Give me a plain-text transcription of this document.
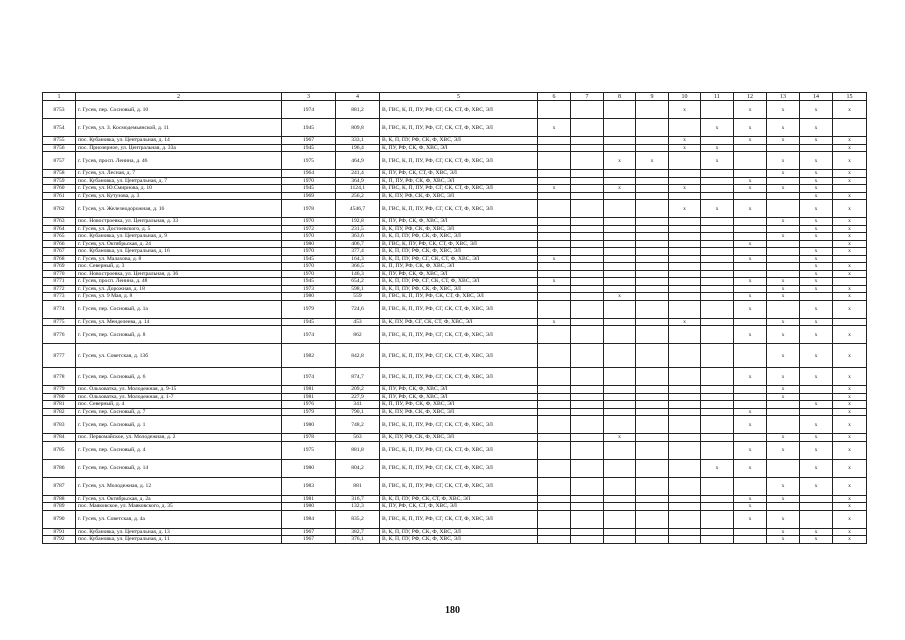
1	2	3	4	5	6	7	8	9	10	11	12	13	14	15
8753	г. Гусев, пер. Сосновый, д. 10	1974	881,2	В, ГВС, К, П, ПУ, РФ, СГ, СК, СТ, Ф, ХВС, ЭЛ					x		x	x	x	x
8754	г. Гусев, ул. З. Космодемьянской, д. 11	1945	809,8	В, ГВС, К, П, ПУ, РФ, СГ, СК, СТ, Ф, ХВС, ЭЛ	x					x	x	x	x	
8755	пос. Кубановка, ул. Центральная, д. 14	1967	333,1	В, К, П, ПУ, РФ, СК, Ф, ХВС, ЭЛ					x		x	x	x	x
8756	пос. Приозерное, ул. Центральная, д. 33а	1945	196,4	К, ПУ, РФ, СК, Ф, ХВС, ЭЛ					x	x				x
8757	г. Гусев, просп. Ленина, д. 46	1975	464,9	В, ГВС, К, П, ПУ, РФ, СГ, СК, СТ, Ф, ХВС, ЭЛ			x	x		x		x	x	x
8758	г. Гусев, ул. Лесная, д. 7	1964	241,4	К, ПУ, РФ, СК, СТ, Ф, ХВС, ЭЛ								x	x	x
8759	пос. Кубановка, ул. Центральная, д. 7	1970	364,9	К, П, ПУ, РФ, СК, Ф, ХВС, ЭЛ							x		x	x
8760	г. Гусев, ул. Ю.Смирнова, д. 10	1945	1124,1	В, ГВС, К, П, ПУ, РФ, СГ, СК, СТ, Ф, ХВС, ЭЛ	x		x		x		x	x	x	
8761	г. Гусев, ул. Кутузова, д. 3	1969	256,2	В, К, ПУ, РФ, СК, Ф, ХВС, ЭЛ									x	x
8762	г. Гусев, ул. Железнодорожная, д. 16	1978	4546,7	В, ГВС, К, П, ПУ, РФ, СГ, СК, СТ, Ф, ХВС, ЭЛ					x	x	x		x	x
8763	пос. Новостроевка, ул. Центральная, д. 33	1970	192,8	К, ПУ, РФ, СК, Ф, ХВС, ЭЛ								x	x	x
8764	г. Гусев, ул. Достоевского, д. 5	1972	231,5	В, К, ПУ, РФ, СК, Ф, ХВС, ЭЛ									x	x
8765	пос. Кубановка, ул. Центральная, д. 9	1970	363,6	В, К, П, ПУ, РФ, СК, Ф, ХВС, ЭЛ								x	x	x
8766	г. Гусев, ул. Октябрьская, д. 24	1980	406,7	В, ГВС, К, ПУ, РФ, СК, СТ, Ф, ХВС, ЭЛ							x			x
8767	пос. Кубановка, ул. Центральная, д. 16	1970	377,4	В, К, П, ПУ, РФ, СК, Ф, ХВС, ЭЛ									x	x
8768	г. Гусев, ул. Малахова, д. 8	1945	164,3	В, К, П, ПУ, РФ, СГ, СК, СТ, Ф, ХВС, ЭЛ	x						x		x	
8769	пос. Северный, д. 3	1970	366,5	К, П, ПУ, РФ, СК, Ф, ХВС, ЭЛ									x	x
8770	пос. Новостроевка, ул. Центральная, д. 36	1970	146,3	К, ПУ, РФ, СК, Ф, ХВС, ЭЛ									x	x
8771	г. Гусев, просп. Ленина, д. 48	1945	654,2	В, К, П, ПУ, РФ, СГ, СК, СТ, Ф, ХВС, ЭЛ	x						x	x	x	
8772	г. Гусев, ул. Дорожная, д. 18	1973	598,1	В, К, П, ПУ, РФ, СК, Ф, ХВС, ЭЛ								x	x	x
8773	г. Гусев, ул. 9 Мая, д. 8	1980	559	В, ГВС, К, П, ПУ, РФ, СК, СТ, Ф, ХВС, ЭЛ			x				x	x		x
8774	г. Гусев, пер. Сосновый, д. 1а	1979	724,6	В, ГВС, К, П, ПУ, РФ, СГ, СК, СТ, Ф, ХВС, ЭЛ							x		x	x
8775	г. Гусев, ул. Менделеева, д. 14	1945	453	В, К, ПУ, РФ, СГ, СК, СТ, Ф, ХВС, ЭЛ	x				x			x	x	
8776	г. Гусев, пер. Сосновый, д. 8	1974	862	В, ГВС, К, П, ПУ, РФ, СГ, СК, СТ, Ф, ХВС, ЭЛ							x	x	x	x
8777	г. Гусев, ул. Советская, д. 13б	1982	842,8	В, ГВС, К, П, ПУ, РФ, СГ, СК, СТ, Ф, ХВС, ЭЛ								x	x	x
8778	г. Гусев, пер. Сосновый, д. 6	1974	874,7	В, ГВС, К, П, ПУ, РФ, СГ, СК, СТ, Ф, ХВС, ЭЛ							x	x	x	x
8779	пос. Ольховатка, ул. Молодежная, д. 9-15	1981	209,2	К, ПУ, РФ, СК, Ф, ХВС, ЭЛ								x		x
8780	пос. Ольховатка, ул. Молодежная, д. 1-7	1981	227,9	К, ПУ, РФ, СК, Ф, ХВС, ЭЛ								x		x
8781	пос. Северный, д. 4	1976	341	К, П, ПУ, РФ, СК, Ф, ХВС, ЭЛ									x	x
8782	г. Гусев, пер. Сосновый, д. 7	1979	790,1	В, К, ПУ, РФ, СК, Ф, ХВС, ЭЛ							x			x
8783	г. Гусев, пер. Сосновый, д. 1	1980	748,2	В, ГВС, К, П, ПУ, РФ, СГ, СК, СТ, Ф, ХВС, ЭЛ							x		x	x
8784	пос. Первомайское, ул. Молодежная, д. 2	1978	563	В, К, ПУ, РФ, СК, Ф, ХВС, ЭЛ			x					x	x	x
8785	г. Гусев, пер. Сосновый, д. 4	1975	881,8	В, ГВС, К, П, ПУ, РФ, СГ, СК, СТ, Ф, ХВС, ЭЛ							x	x	x	x
8786	г. Гусев, пер. Сосновый, д. 14	1980	804,2	В, ГВС, К, П, ПУ, РФ, СГ, СК, СТ, Ф, ХВС, ЭЛ						x	x		x	x
8787	г. Гусев, ул. Молодежная, д. 12	1983	881	В, ГВС, К, П, ПУ, РФ, СГ, СК, СТ, Ф, ХВС, ЭЛ								x	x	x
8788	г. Гусев, ул. Октябрьская, д. 2а	1981	316,7	В, К, П, ПУ, РФ, СК, СТ, Ф, ХВС, ЭЛ							x	x		x
8789	пос. Маяковское, ул. Маяковского, д. 35	1980	132,3	К, ПУ, РФ, СК, СТ, Ф, ХВС, ЭЛ							x			x
8790	г. Гусев, ул. Советская, д. 4а	1984	835,2	В, ГВС, К, П, ПУ, РФ, СГ, СК, СТ, Ф, ХВС, ЭЛ							x	x		x
8791	пос. Кубановка, ул. Центральная, д. 13	1967	382,7	В, К, П, ПУ, РФ, СК, Ф, ХВС, ЭЛ								x	x	x
8792	пос. Кубановка, ул. Центральная, д. 11	1967	376,1	В, К, П, ПУ, РФ, СК, Ф, ХВС, ЭЛ								x	x	x
180
